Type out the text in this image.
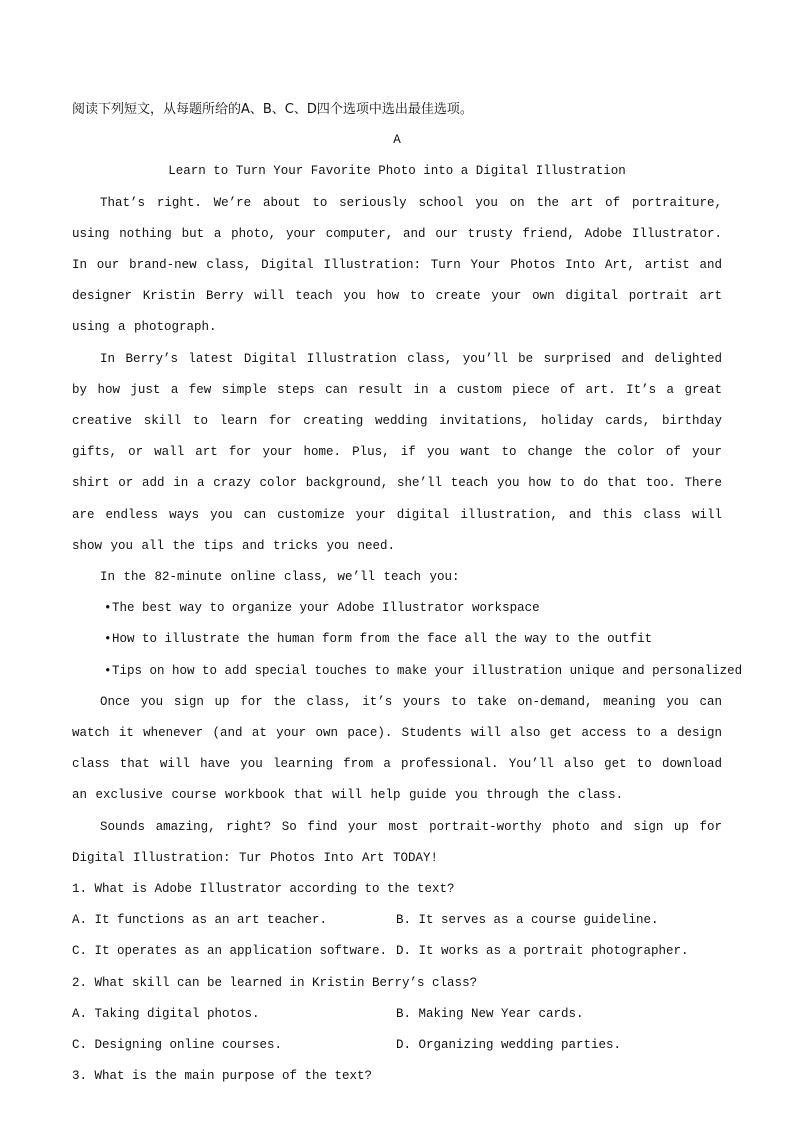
阅读下列短文，从每题所给的A、B、C、D四个选项中选出最佳选项。
A
Learn to Turn Your Favorite Photo into a Digital Illustration

That’s right. We’re about to seriously school you on the art of portraiture, using nothing but a photo, your computer, and our trusty friend, Adobe Illustrator. In our brand-new class, Digital Illustration: Turn Your Photos Into Art, artist and designer Kristin Berry will teach you how to create your own digital portrait art using a photograph.

In Berry’s latest Digital Illustration class, you’ll be surprised and delighted by how just a few simple steps can result in a custom piece of art. It’s a great creative skill to learn for creating wedding invitations, holiday cards, birthday gifts, or wall art for your home. Plus, if you want to change the color of your shirt or add in a crazy color background, she’ll teach you how to do that too. There are endless ways you can customize your digital illustration, and this class will show you all the tips and tricks you need.

In the 82-minute online class, we’ll teach you:

•The best way to organize your Adobe Illustrator workspace
•How to illustrate the human form from the face all the way to the outfit
•Tips on how to add special touches to make your illustration unique and personalized

Once you sign up for the class, it’s yours to take on-demand, meaning you can watch it whenever (and at your own pace). Students will also get access to a design class that will have you learning from a professional. You’ll also get to download an exclusive course workbook that will help guide you through the class.

Sounds amazing, right? So find your most portrait-worthy photo and sign up for Digital Illustration: Tur Photos Into Art TODAY!

1. What is Adobe Illustrator according to the text?
A. It functions as an art teacher.	B. It serves as a course guideline.
C. It operates as an application software. D. It works as a portrait photographer.
2. What skill can be learned in Kristin Berry’s class?
A. Taking digital photos.	B. Making New Year cards.
C. Designing online courses.	D. Organizing wedding parties.
3. What is the main purpose of the text?
